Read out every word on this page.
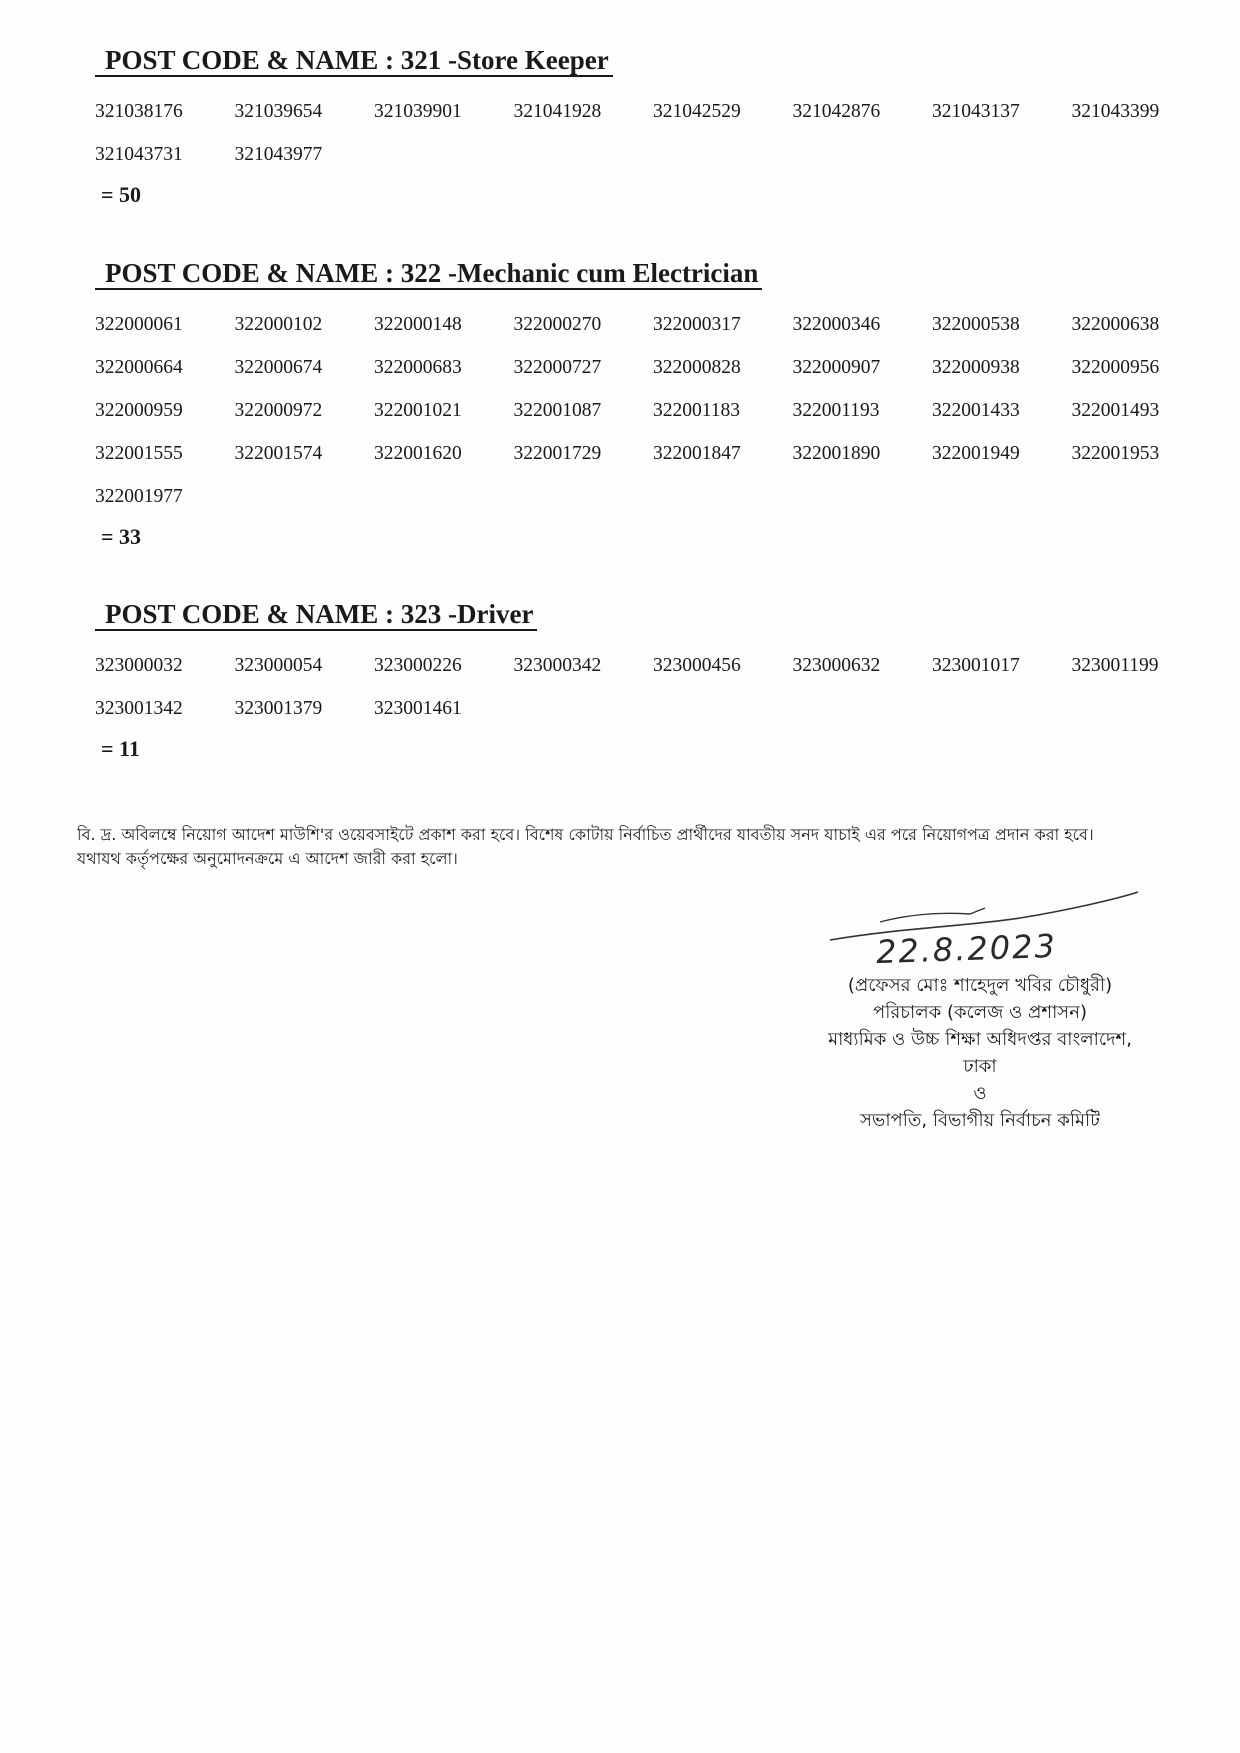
POST CODE & NAME : 321 -Store Keeper
321038176	321039654	321039901	321041928	321042529	321042876	321043137	321043399
321043731	321043977
= 50
POST CODE & NAME : 322 -Mechanic cum Electrician
322000061	322000102	322000148	322000270	322000317	322000346	322000538	322000638
322000664	322000674	322000683	322000727	322000828	322000907	322000938	322000956
322000959	322000972	322001021	322001087	322001183	322001193	322001433	322001493
322001555	322001574	322001620	322001729	322001847	322001890	322001949	322001953
322001977
= 33
POST CODE & NAME : 323 -Driver
323000032	323000054	323000226	323000342	323000456	323000632	323001017	323001199
323001342	323001379	323001461
= 11

বি. দ্র. অবিলম্বে নিয়োগ আদেশ মাউশি'র ওয়েবসাইটে প্রকাশ করা হবে। বিশেষ কোটায় নির্বাচিত প্রার্থীদের যাবতীয় সনদ যাচাই এর পরে নিয়োগপত্র প্রদান করা হবে।

যথাযথ কর্তৃপক্ষের অনুমোদনক্রমে এ আদেশ জারী করা হলো।

22.8.2023

(প্রফেসর মোঃ শাহেদুল খবির চৌধুরী)

পরিচালক (কলেজ ও প্রশাসন)

মাধ্যমিক ও উচ্চ শিক্ষা অধিদপ্তর বাংলাদেশ,

ঢাকা

ও

সভাপতি, বিভাগীয় নির্বাচন কমিটি
